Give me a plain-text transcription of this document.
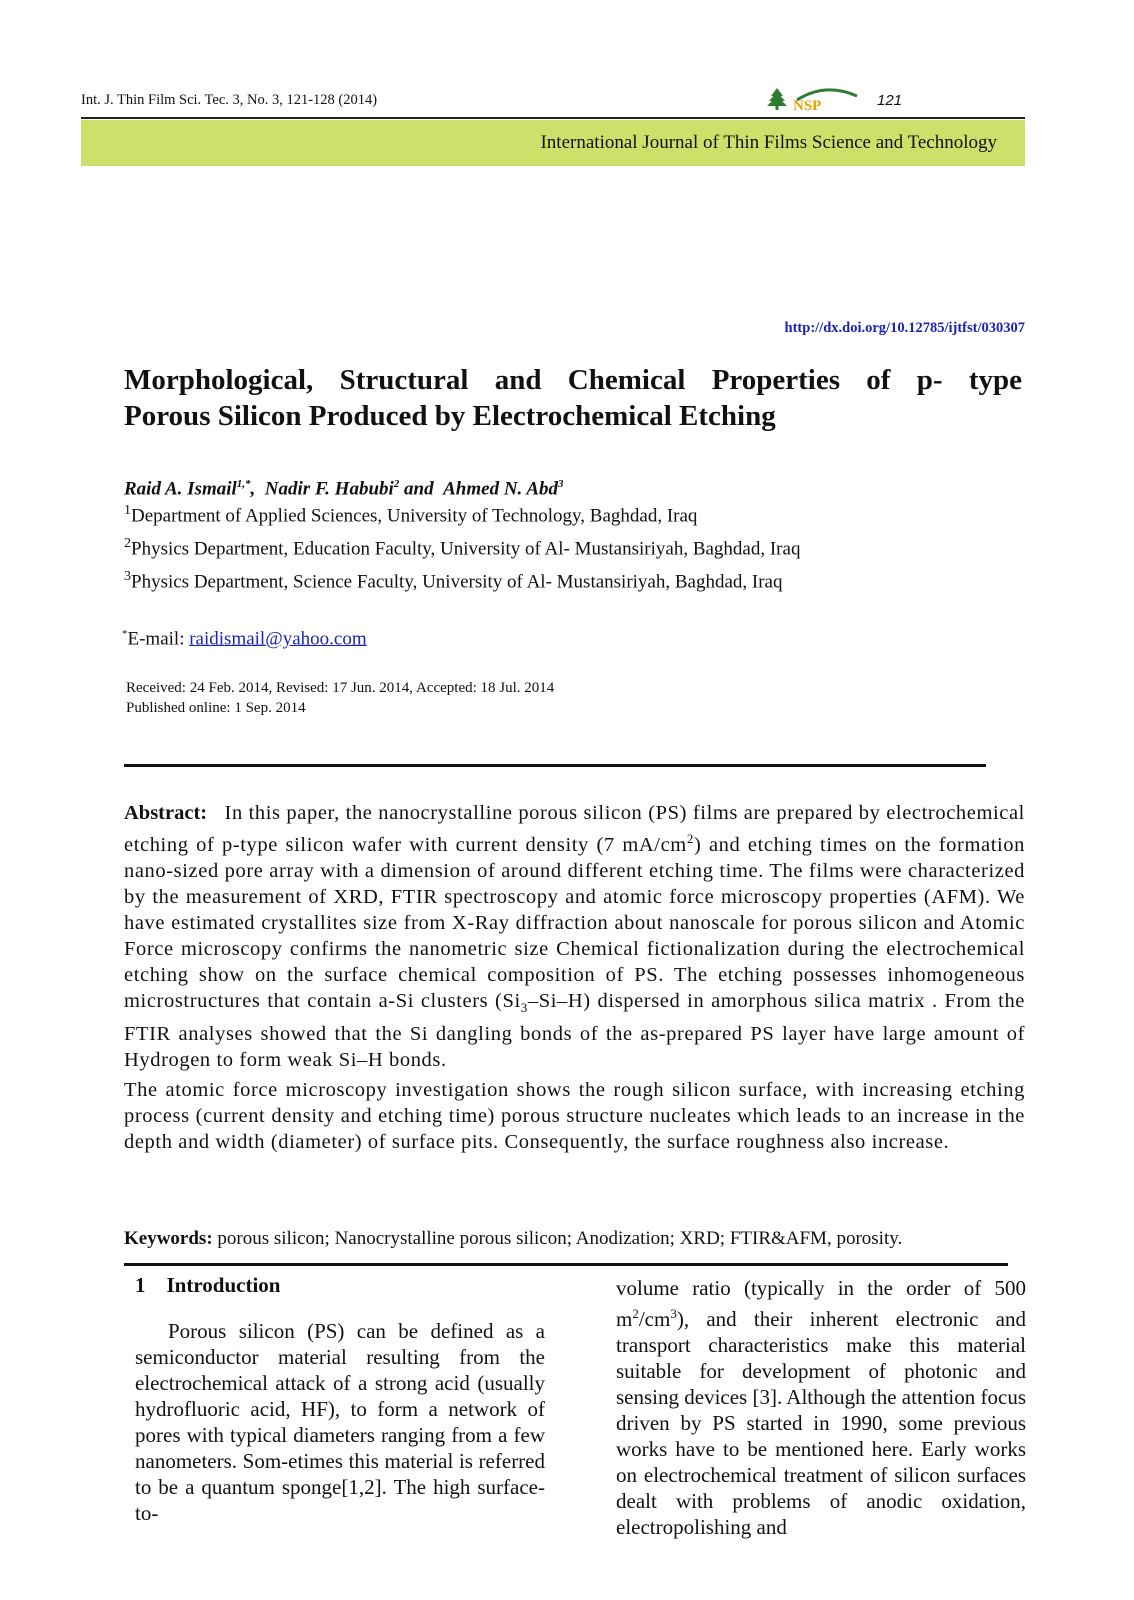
Int. J. Thin Film Sci. Tec. 3, No. 3, 121-128 (2014)	NSP	121
International Journal of Thin Films Science and Technology
http://dx.doi.org/10.12785/ijtfst/030307
Morphological, Structural and Chemical Properties of p- type
Porous Silicon Produced by Electrochemical Etching
Raid A. Ismail$^{1,*}$, Nadir F. Habubi$^2$ and Ahmed N. Abd$^3$
$^1$Department of Applied Sciences, University of Technology, Baghdad, Iraq
$^2$Physics Department, Education Faculty, University of Al- Mustansiriyah, Baghdad, Iraq
$^3$Physics Department, Science Faculty, University of Al- Mustansiriyah, Baghdad, Iraq
*E-mail: raidismail@yahoo.com
Received: 24 Feb. 2014, Revised: 17 Jun. 2014, Accepted: 18 Jul. 2014
Published online: 1 Sep. 2014

Abstract: In this paper, the nanocrystalline porous silicon (PS) films are prepared by electrochemical etching of p-type silicon wafer with current density (7 $mA/cm^2$) and etching times on the formation nano-sized pore array with a dimension of around different etching time. The films were characterized by the measurement of XRD, FTIR spectroscopy and atomic force microscopy properties (AFM). We have estimated crystallites size from X-Ray diffraction about nanoscale for porous silicon and Atomic Force microscopy confirms the nanometric size Chemical fictionalization during the electrochemical etching show on the surface chemical composition of PS. The etching possesses inhomogeneous microstructures that contain a-Si clusters $(Si_3-Si-H)$ dispersed in amorphous silica matrix . From the FTIR analyses showed that the Si dangling bonds of the as-prepared PS layer have large amount of Hydrogen to form weak Si–H bonds.

The atomic force microscopy investigation shows the rough silicon surface, with increasing etching process (current density and etching time) porous structure nucleates which leads to an increase in the depth and width (diameter) of surface pits. Consequently, the surface roughness also increase.

Keywords: porous silicon; Nanocrystalline porous silicon; Anodization; XRD; FTIR&AFM, porosity.
1    Introduction

Porous silicon (PS) can be defined as a semiconductor material resulting from the electrochemical attack of a strong acid (usually hydrofluoric acid, HF), to form a network of pores with typical diameters ranging from a few nanometers. Som-etimes this material is referred to be a quantum sponge[1,2]. The high surface-to-

volume ratio (typically in the order of 500 $m^2/cm^3$), and their inherent electronic and transport characteristics make this material suitable for development of photonic and sensing devices [3]. Although the attention focus driven by PS started in 1990, some previous works have to be mentioned here. Early works on electrochemical treatment of silicon surfaces dealt with problems of anodic oxidation, electropolishing and
